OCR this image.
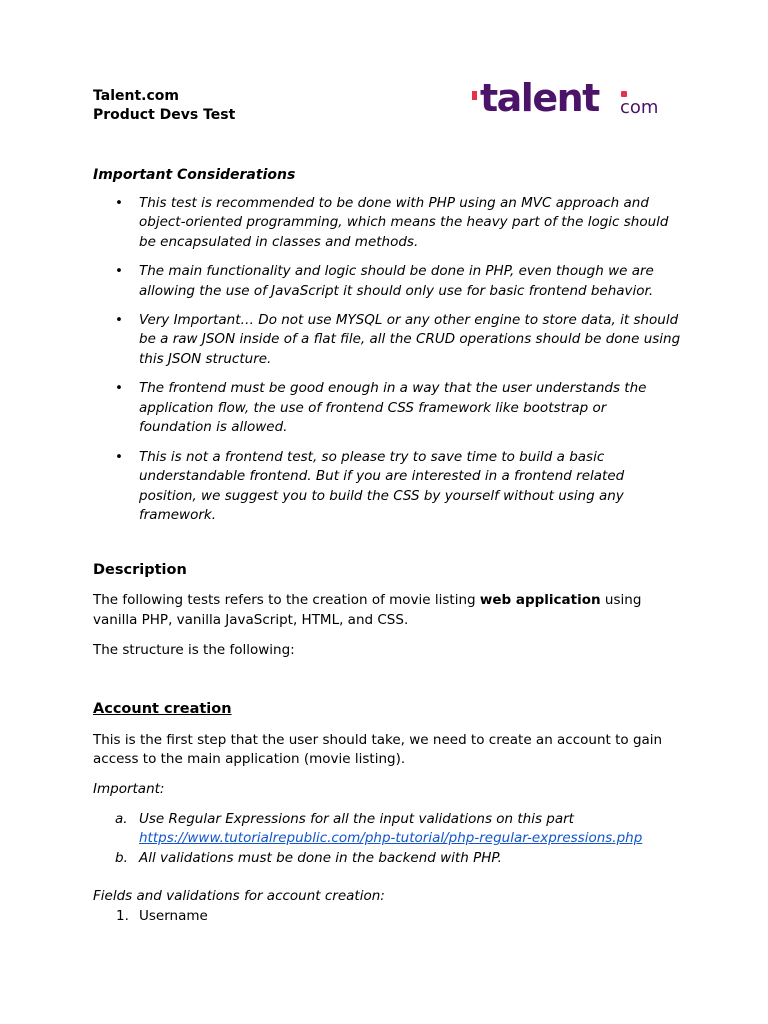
Talent.com
Product Devs Test	talent com

Important Considerations

• This test is recommended to be done with PHP using an MVC approach and object-oriented programming, which means the heavy part of the logic should be encapsulated in classes and methods.
• The main functionality and logic should be done in PHP, even though we are allowing the use of JavaScript it should only use for basic frontend behavior.
• Very Important… Do not use MYSQL or any other engine to store data, it should be a raw JSON inside of a flat file, all the CRUD operations should be done using this JSON structure.
• The frontend must be good enough in a way that the user understands the application flow, the use of frontend CSS framework like bootstrap or foundation is allowed.
• This is not a frontend test, so please try to save time to build a basic understandable frontend. But if you are interested in a frontend related position, we suggest you to build the CSS by yourself without using any framework.

Description

The following tests refers to the creation of movie listing web application using vanilla PHP, vanilla JavaScript, HTML, and CSS.

The structure is the following:

Account creation

This is the first step that the user should take, we need to create an account to gain access to the main application (movie listing).

Important:

a. Use Regular Expressions for all the input validations on this part
https://www.tutorialrepublic.com/php-tutorial/php-regular-expressions.php
b. All validations must be done in the backend with PHP.

Fields and validations for account creation:

1. Username
